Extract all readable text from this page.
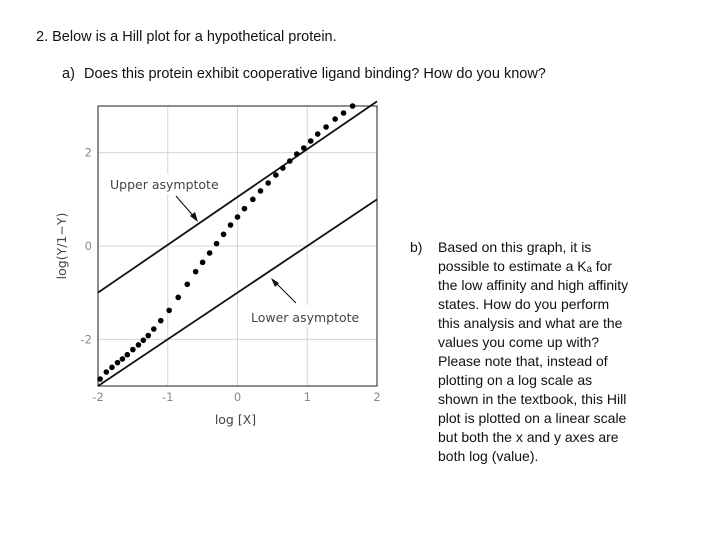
2. Below is a Hill plot for a hypothetical protein.
a) Does this protein exhibit cooperative ligand binding? How do you know?
-2	-1	0	1	2
2
0
-2
Upper asymptote
Lower asymptote
log [X]
log(Y/1−Y)	b) Based on this graph, it is
possible to estimate a Kₐ for
the low affinity and high affinity
states. How do you perform
this analysis and what are the
values you come up with?
Please note that, instead of
plotting on a log scale as
shown in the textbook, this Hill
plot is plotted on a linear scale
but both the x and y axes are
both log (value).
